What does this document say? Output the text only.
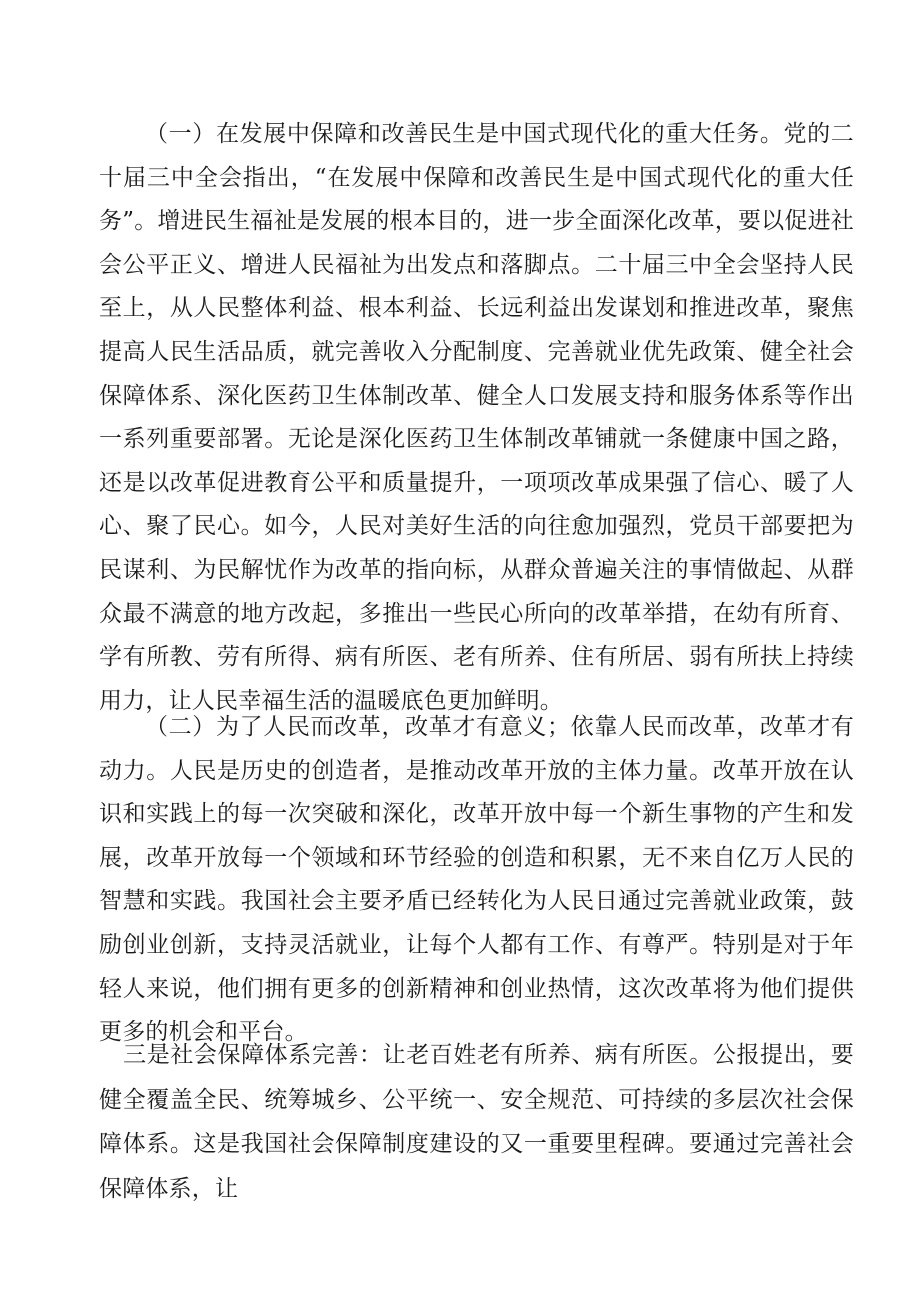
（一）在发展中保障和改善民生是中国式现代化的重大任务。党的二十届三中全会指出，“在发展中保障和改善民生是中国式现代化的重大任务”。增进民生福祉是发展的根本目的，进一步全面深化改革，要以促进社会公平正义、增进人民福祉为出发点和落脚点。二十届三中全会坚持人民至上，从人民整体利益、根本利益、长远利益出发谋划和推进改革，聚焦提高人民生活品质，就完善收入分配制度、完善就业优先政策、健全社会保障体系、深化医药卫生体制改革、健全人口发展支持和服务体系等作出一系列重要部署。无论是深化医药卫生体制改革铺就一条健康中国之路，还是以改革促进教育公平和质量提升，一项项改革成果强了信心、暖了人心、聚了民心。如今，人民对美好生活的向往愈加强烈，党员干部要把为民谋利、为民解忧作为改革的指向标，从群众普遍关注的事情做起、从群众最不满意的地方改起，多推出一些民心所向的改革举措，在幼有所育、学有所教、劳有所得、病有所医、老有所养、住有所居、弱有所扶上持续用力，让人民幸福生活的温暖底色更加鲜明。

（二）为了人民而改革，改革才有意义；依靠人民而改革，改革才有动力。人民是历史的创造者，是推动改革开放的主体力量。改革开放在认识和实践上的每一次突破和深化，改革开放中每一个新生事物的产生和发展，改革开放每一个领域和环节经验的创造和积累，无不来自亿万人民的智慧和实践。我国社会主要矛盾已经转化为人民日通过完善就业政策，鼓励创业创新，支持灵活就业，让每个人都有工作、有尊严。特别是对于年轻人来说，他们拥有更多的创新精神和创业热情，这次改革将为他们提供更多的机会和平台。

三是社会保障体系完善：让老百姓老有所养、病有所医。公报提出，要健全覆盖全民、统筹城乡、公平统一、安全规范、可持续的多层次社会保障体系。这是我国社会保障制度建设的又一重要里程碑。要通过完善社会保障体系，让
